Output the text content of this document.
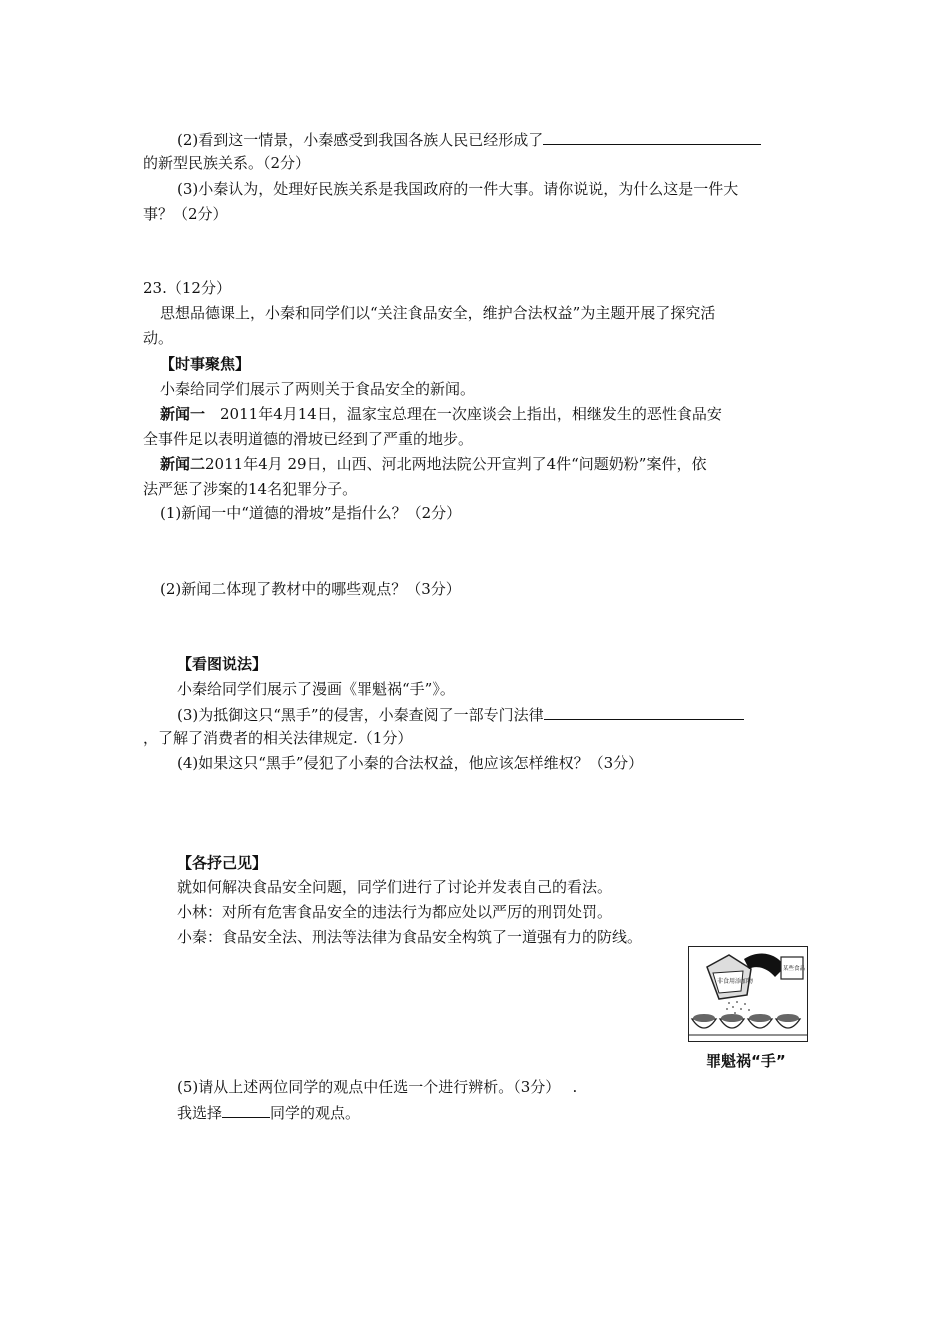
(2)看到这一情景，小秦感受到我国各族人民已经形成了
的新型民族关系。（2分）
(3)小秦认为，处理好民族关系是我国政府的一件大事。请你说说，为什么这是一件大
事？（2分）
23.（12分）
思想品德课上，小秦和同学们以“关注食品安全，维护合法权益”为主题开展了探究活
动。
【时事聚焦】
小秦给同学们展示了两则关于食品安全的新闻。
新闻一　2011年4月14日，温家宝总理在一次座谈会上指出，相继发生的恶性食品安
全事件足以表明道德的滑坡已经到了严重的地步。
新闻二2011年4月 29日，山西、河北两地法院公开宣判了4件“问题奶粉”案件，依
法严惩了涉案的14名犯罪分子。
(1)新闻一中“道德的滑坡”是指什么？（2分）
(2)新闻二体现了教材中的哪些观点？（3分）
【看图说法】
小秦给同学们展示了漫画《罪魁祸“手”》。
(3)为抵御这只“黑手”的侵害，小秦查阅了一部专门法律
，了解了消费者的相关法律规定.（1分）
(4)如果这只“黑手”侵犯了小秦的合法权益，他应该怎样维权？（3分）
【各抒己见】
就如何解决食品安全问题，同学们进行了讨论并发表自己的看法。
小林：对所有危害食品安全的违法行为都应处以严厉的刑罚处罚。
小秦：食品安全法、刑法等法律为食品安全构筑了一道强有力的防线。
非食用添加物
某些食品
罪魁祸“手”
(5)请从上述两位同学的观点中任选一个进行辨析。（3分）　 .
我选择	同学的观点。
